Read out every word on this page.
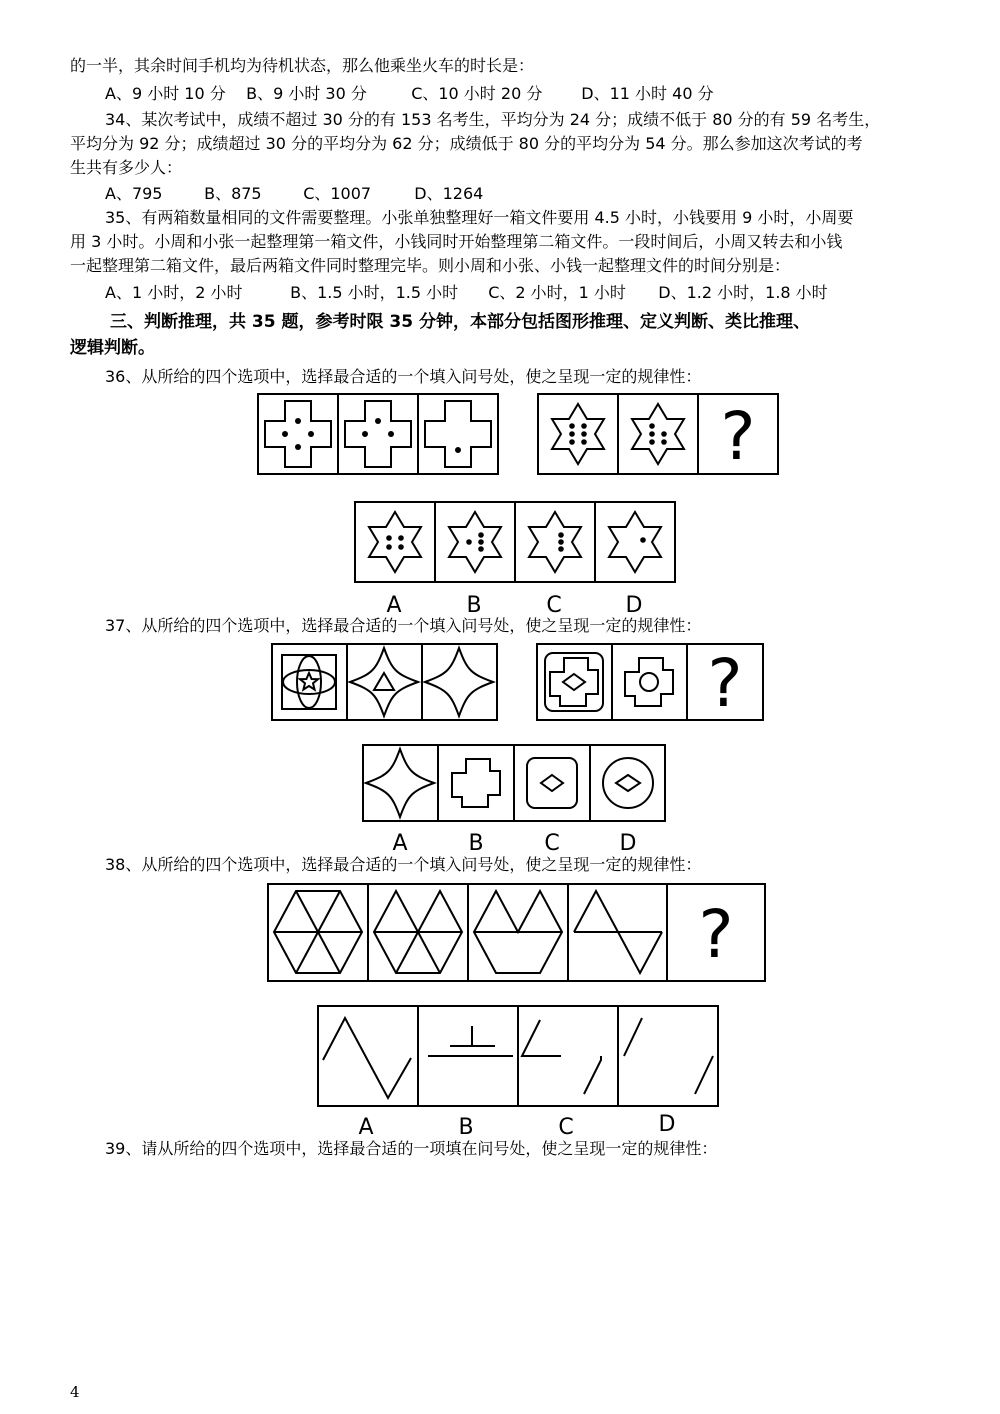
的一半，其余时间手机均为待机状态，那么他乘坐火车的时长是：
A、9 小时 10 分 B、9 小时 30 分	C、10 小时 20 分 D、11 小时 40 分
34、某次考试中，成绩不超过 30 分的有 153 名考生，平均分为 24 分；成绩不低于 80 分的有 59 名考生，
平均分为 92 分；成绩超过 30 分的平均分为 62 分；成绩低于 80 分的平均分为 54 分。那么参加这次考试的考
生共有多少人：
A、795	B、875	C、1007	D、1264
35、有两箱数量相同的文件需要整理。小张单独整理好一箱文件要用 4.5 小时，小钱要用 9 小时，小周要
用 3 小时。小周和小张一起整理第一箱文件，小钱同时开始整理第二箱文件。一段时间后，小周又转去和小钱
一起整理第二箱文件，最后两箱文件同时整理完毕。则小周和小张、小钱一起整理文件的时间分别是：
A、1 小时，2 小时	B、1.5 小时，1.5 小时 C、2 小时，1 小时 D、1.2 小时，1.8 小时
三、判断推理，共 35 题，参考时限 35 分钟，本部分包括图形推理、定义判断、类比推理、
逻辑判断。
36、从所给的四个选项中，选择最合适的一个填入问号处，使之呈现一定的规律性：
37、从所给的四个选项中，选择最合适的一个填入问号处，使之呈现一定的规律性：
38、从所给的四个选项中，选择最合适的一个填入问号处，使之呈现一定的规律性：
39、请从所给的四个选项中，选择最合适的一项填在问号处，使之呈现一定的规律性：
?
?
?
A	B	C	D
A	B	C	D
A	B	C	D
4
